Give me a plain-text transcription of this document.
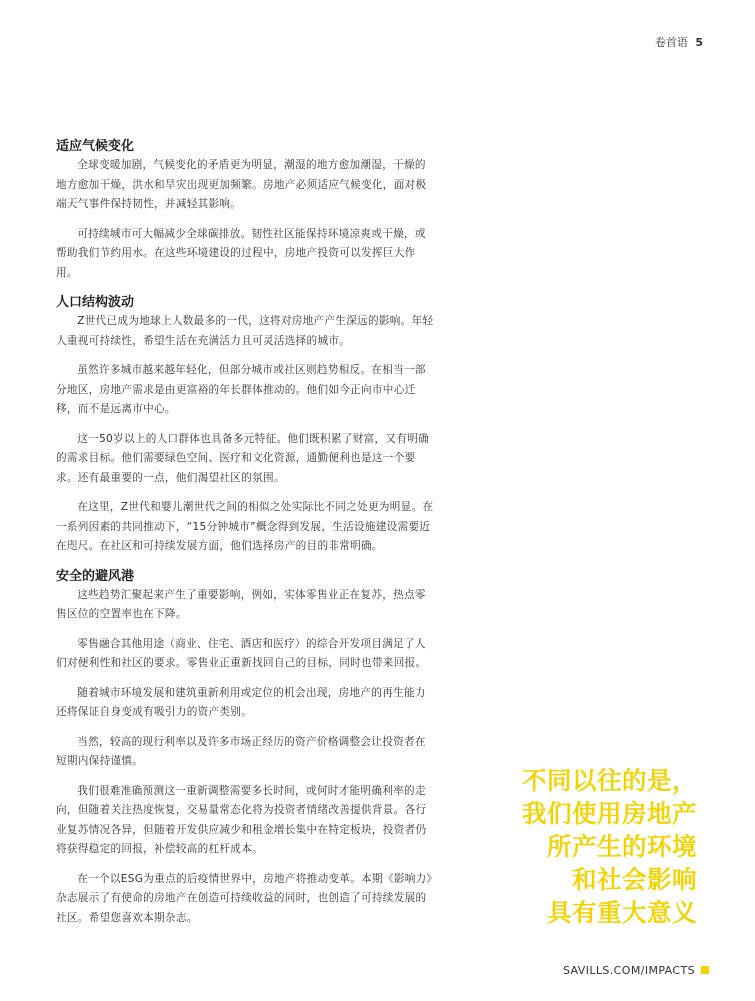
卷首语 5
适应气候变化

全球变暖加剧，气候变化的矛盾更为明显，潮湿的地方愈加潮湿，干燥的地方愈加干燥，洪水和旱灾出现更加频繁。房地产必须适应气候变化，面对极端天气事件保持韧性，并减轻其影响。

可持续城市可大幅减少全球碳排放。韧性社区能保持环境凉爽或干燥，或帮助我们节约用水。在这些环境建设的过程中，房地产投资可以发挥巨大作用。

人口结构波动

Z世代已成为地球上人数最多的一代，这将对房地产产生深远的影响。年轻人重视可持续性，希望生活在充满活力且可灵活选择的城市。

虽然许多城市越来越年轻化，但部分城市或社区则趋势相反。在相当一部分地区，房地产需求是由更富裕的年长群体推动的。他们如今正向市中心迁移，而不是远离市中心。

这一50岁以上的人口群体也具备多元特征。他们既积累了财富，又有明确的需求目标。他们需要绿色空间、医疗和文化资源，通勤便利也是这一个要求。还有最重要的一点，他们渴望社区的氛围。

在这里，Z世代和婴儿潮世代之间的相似之处实际比不同之处更为明显。在一系列因素的共同推动下，“15分钟城市”概念得到发展，生活设施建设需要近在咫尺。在社区和可持续发展方面，他们选择房产的目的非常明确。

安全的避风港

这些趋势汇聚起来产生了重要影响，例如，实体零售业正在复苏，热点零售区位的空置率也在下降。

零售融合其他用途（商业、住宅、酒店和医疗）的综合开发项目满足了人们对便利性和社区的要求。零售业正重新找回自己的目标，同时也带来回报。

随着城市环境发展和建筑重新利用或定位的机会出现，房地产的再生能力还将保证自身变成有吸引力的资产类别。

当然，较高的现行利率以及许多市场正经历的资产价格调整会让投资者在短期内保持谨慎。

我们很难准确预测这一重新调整需要多长时间，或何时才能明确利率的走向，但随着关注热度恢复，交易量常态化将为投资者情绪改善提供背景。各行业复苏情况各异，但随着开发供应减少和租金增长集中在特定板块，投资者仍将获得稳定的回报，补偿较高的杠杆成本。

在一个以ESG为重点的后疫情世界中，房地产将推动变革。本期《影响力》杂志展示了有使命的房地产在创造可持续收益的同时，也创造了可持续发展的社区。希望您喜欢本期杂志。

不同以往的是，
我们使用房地产
所产生的环境
和社会影响
具有重大意义
SAVILLS.COM/IMPACTS
